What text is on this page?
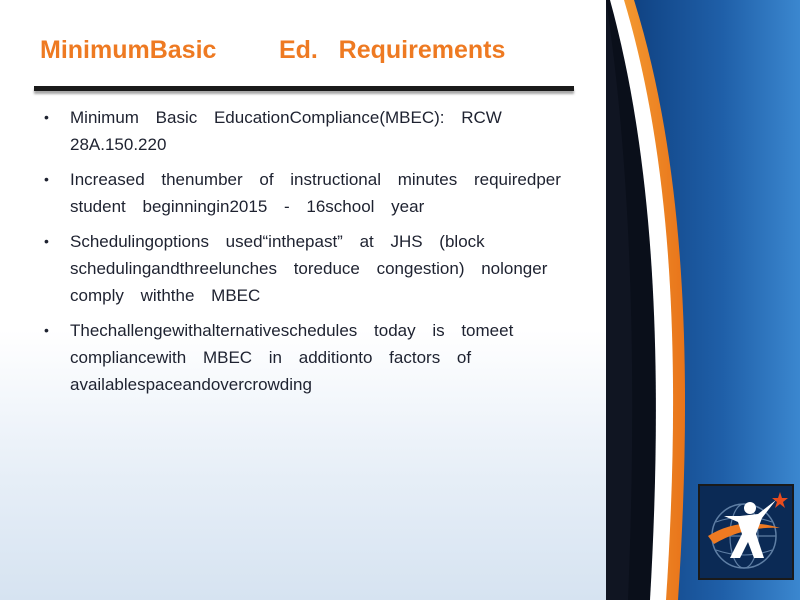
MinimumBasic         Ed.   Requirements
• Minimum Basic EducationCompliance(MBEC): RCW 28A.150.220
• Increased thenumber of instructional minutes requiredper student beginningin2015 - 16school year
• Schedulingoptions used“inthepast” at JHS (block schedulingandthreelunches toreduce congestion) nolonger comply withthe MBEC
• Thechallengewithalternativeschedules today is tomeet compliancewith MBEC in additionto factors of availablespaceandovercrowding
